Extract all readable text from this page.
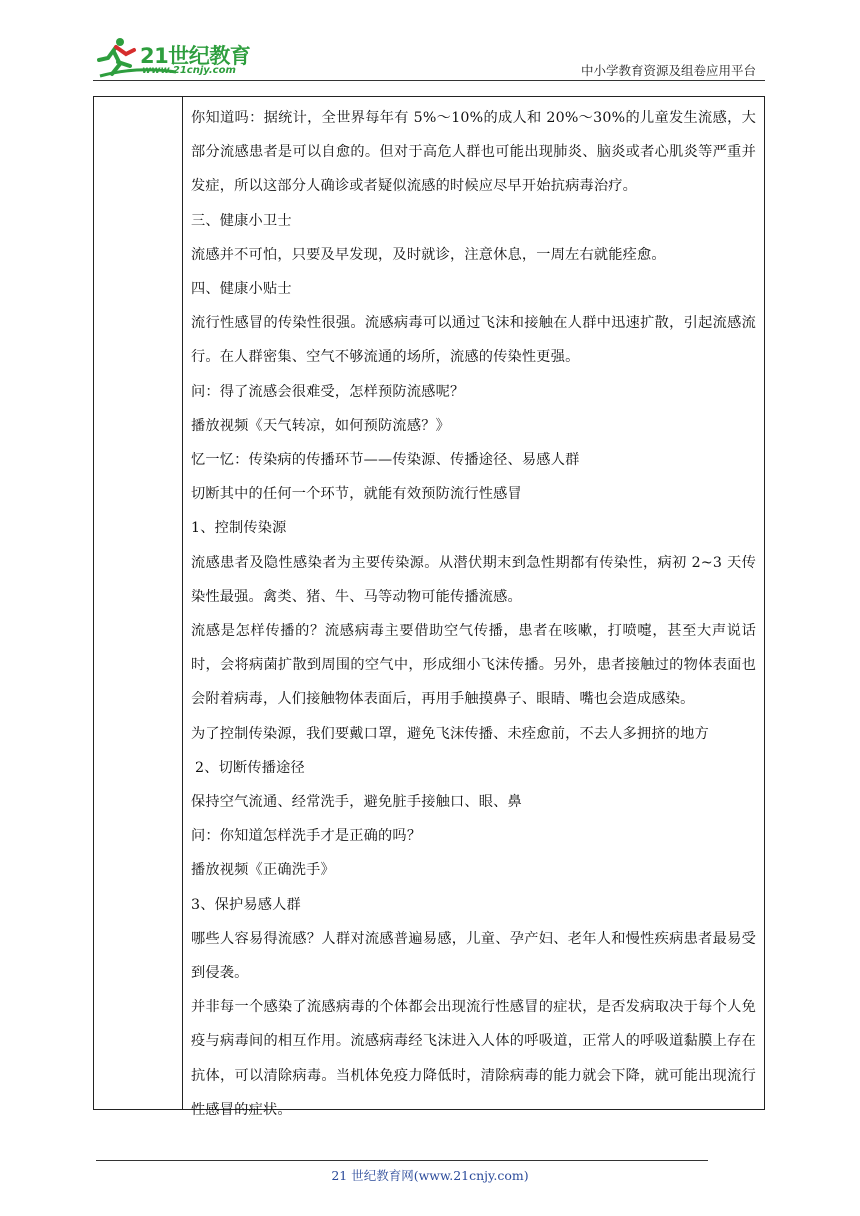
21世纪教育
www.21cnjy.com	中小学教育资源及组卷应用平台

你知道吗：据统计，全世界每年有 5%～10%的成人和 20%～30%的儿童发生流感，大部分流感患者是可以自愈的。但对于高危人群也可能出现肺炎、脑炎或者心肌炎等严重并发症，所以这部分人确诊或者疑似流感的时候应尽早开始抗病毒治疗。

三、健康小卫士

流感并不可怕，只要及早发现，及时就诊，注意休息，一周左右就能痊愈。

四、健康小贴士

流行性感冒的传染性很强。流感病毒可以通过飞沫和接触在人群中迅速扩散，引起流感流行。在人群密集、空气不够流通的场所，流感的传染性更强。

问：得了流感会很难受，怎样预防流感呢？

播放视频《天气转凉，如何预防流感？》

忆一忆：传染病的传播环节——传染源、传播途径、易感人群

切断其中的任何一个环节，就能有效预防流行性感冒

1、控制传染源

流感患者及隐性感染者为主要传染源。从潜伏期末到急性期都有传染性，病初 2~3 天传染性最强。禽类、猪、牛、马等动物可能传播流感。

流感是怎样传播的？流感病毒主要借助空气传播，患者在咳嗽，打喷嚏，甚至大声说话时，会将病菌扩散到周围的空气中，形成细小飞沫传播。另外，患者接触过的物体表面也会附着病毒，人们接触物体表面后，再用手触摸鼻子、眼睛、嘴也会造成感染。

为了控制传染源，我们要戴口罩，避免飞沫传播、未痊愈前，不去人多拥挤的地方

2、切断传播途径

保持空气流通、经常洗手，避免脏手接触口、眼、鼻

问：你知道怎样洗手才是正确的吗？

播放视频《正确洗手》

3、保护易感人群

哪些人容易得流感？人群对流感普遍易感，儿童、孕产妇、老年人和慢性疾病患者最易受到侵袭。

并非每一个感染了流感病毒的个体都会出现流行性感冒的症状，是否发病取决于每个人免疫与病毒间的相互作用。流感病毒经飞沫进入人体的呼吸道，正常人的呼吸道黏膜上存在抗体，可以清除病毒。当机体免疫力降低时，清除病毒的能力就会下降，就可能出现流行性感冒的症状。

21 世纪教育网(www.21cnjy.com)
